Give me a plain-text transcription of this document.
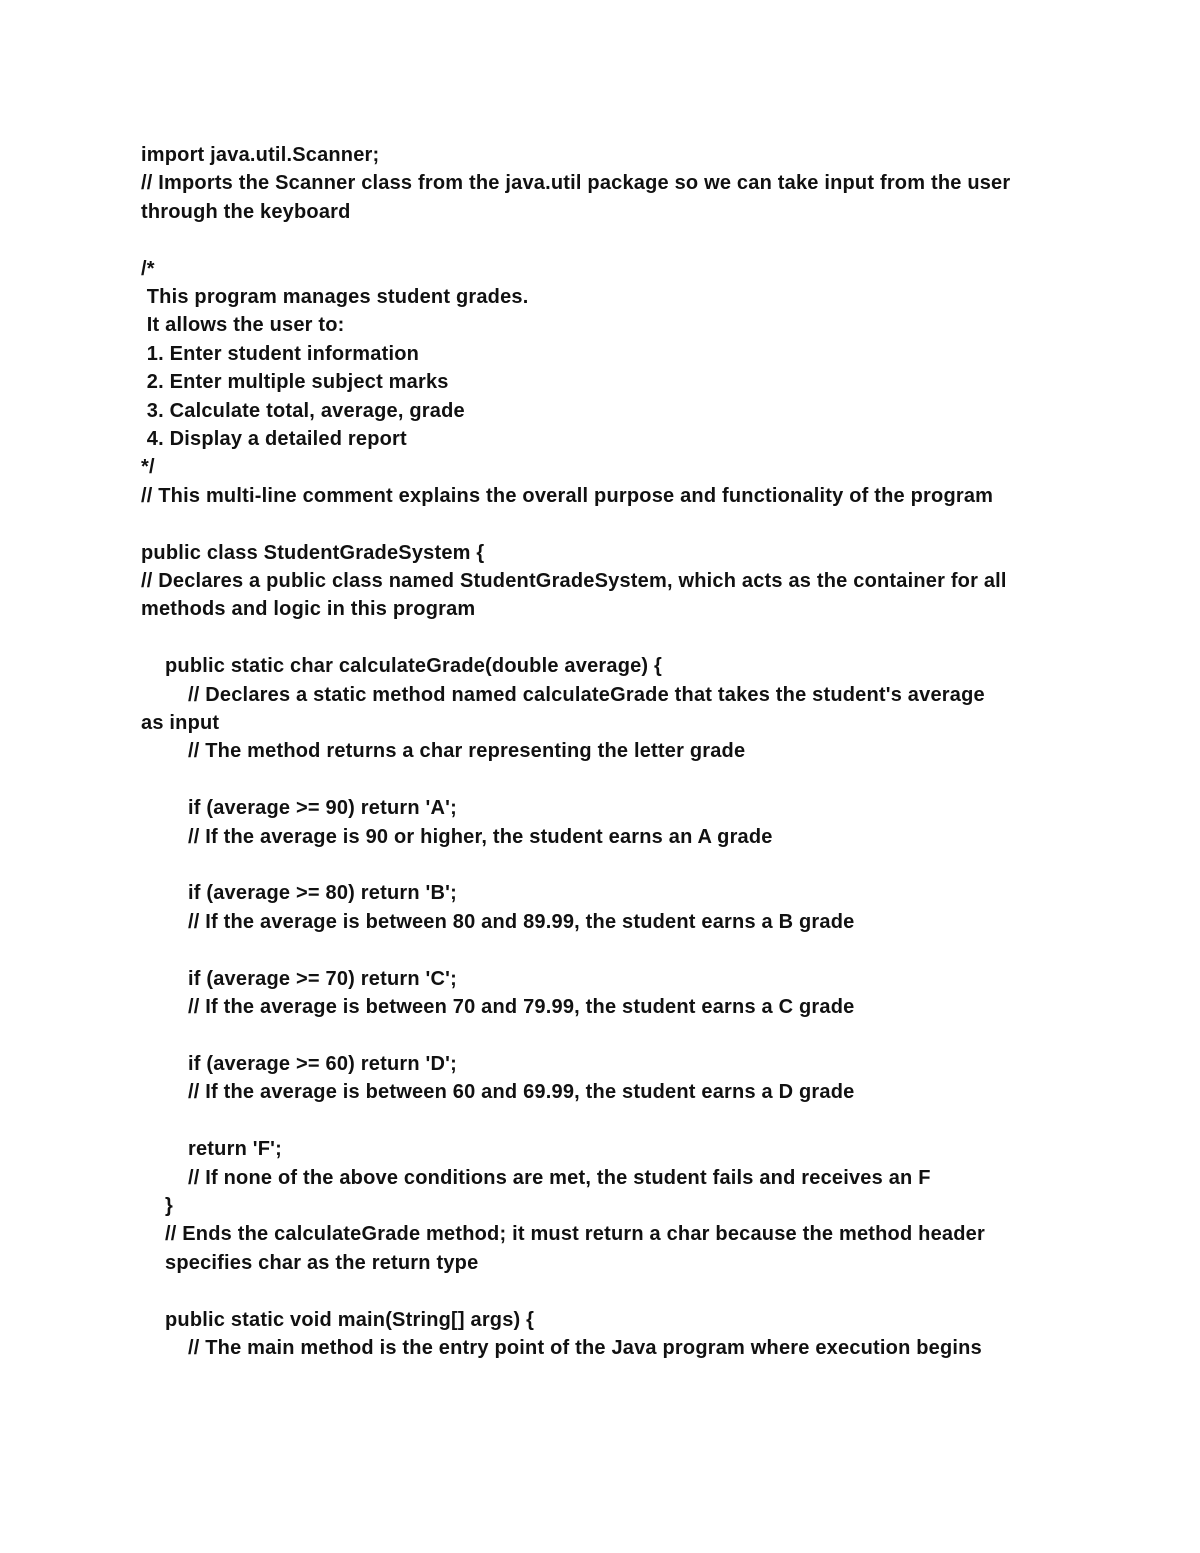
import java.util.Scanner;
// Imports the Scanner class from the java.util package so we can take input from the user through the keyboard
/*
This program manages student grades.
It allows the user to:
1. Enter student information
2. Enter multiple subject marks
3. Calculate total, average, grade
4. Display a detailed report
*/
// This multi-line comment explains the overall purpose and functionality of the program
public class StudentGradeSystem {
// Declares a public class named StudentGradeSystem, which acts as the container for all methods and logic in this program
public static char calculateGrade(double average) {
// Declares a static method named calculateGrade that takes the student's average
as input
// The method returns a char representing the letter grade
if (average >= 90) return 'A';
// If the average is 90 or higher, the student earns an A grade
if (average >= 80) return 'B';
// If the average is between 80 and 89.99, the student earns a B grade
if (average >= 70) return 'C';
// If the average is between 70 and 79.99, the student earns a C grade
if (average >= 60) return 'D';
// If the average is between 60 and 69.99, the student earns a D grade
return 'F';
// If none of the above conditions are met, the student fails and receives an F
}
// Ends the calculateGrade method; it must return a char because the method header specifies char as the return type
public static void main(String[] args) {
// The main method is the entry point of the Java program where execution begins
